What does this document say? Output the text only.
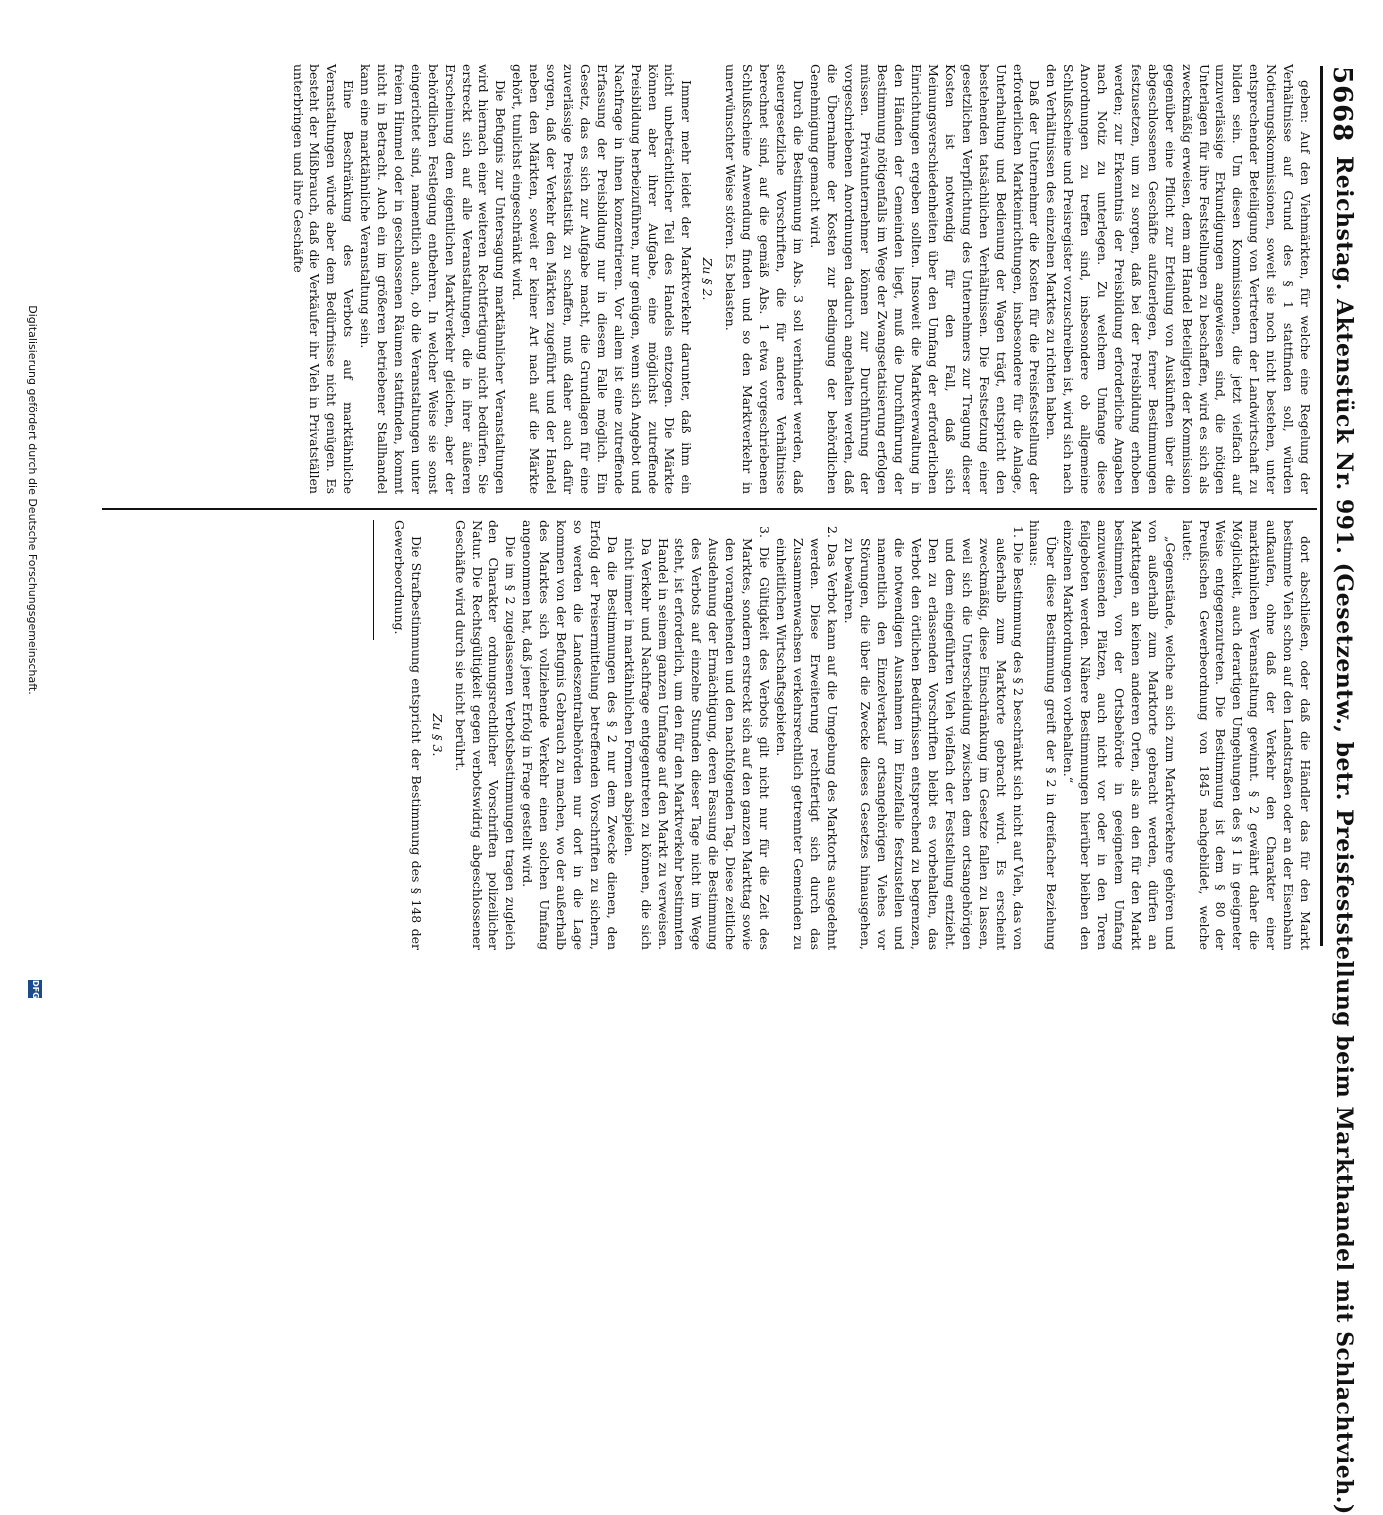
5668
Reichstag. Aktenstück Nr. 991. (Gesetzentw., betr. Preisfeststellung beim Markthandel mit Schlachtvieh.)

geben: Auf den Viehmärkten, für welche eine Regelung der Verhältnisse auf Grund des § 1 stattfinden soll, würden Notierungskommissionen, soweit sie noch nicht bestehen, unter entsprechender Beteiligung von Vertretern der Landwirtschaft zu bilden sein. Um diesen Kommissionen, die jetzt vielfach auf unzuverlässige Erkundigungen angewiesen sind, die nötigen Unterlagen für ihre Feststellungen zu beschaffen, wird es sich als zweckmäßig erweisen, dem am Handel Beteiligten der Kommission gegenüber eine Pflicht zur Erteilung von Auskünften über die abgeschlossenen Geschäfte aufzuerlegen, ferner Bestimmungen festzusetzen, um zu sorgen, daß bei der Preisbildung erhoben werden; zur Erkenntnis der Preisbildung erforderliche Angaben nach Notiz zu unterlegen. Zu welchem Umfange diese Anordnungen zu treffen sind, insbesondere ob allgemeine Schlußscheine und Preisregister vorzuschreiben ist, wird sich nach den Verhältnissen des einzelnen Marktes zu richten haben.

Daß der Unternehmer die Kosten für die Preisfeststellung der erforderlichen Markteinrichtungen, insbesondere für die Anlage, Unterhaltung und Bedienung der Wagen trägt, entspricht den bestehenden tatsächlichen Verhältnissen. Die Festsetzung einer gesetzlichen Verpflichtung des Unternehmers zur Tragung dieser Kosten ist notwendig für den Fall, daß sich Meinungsverschiedenheiten über den Umfang der erforderlichen Einrichtungen ergeben sollten. Insoweit die Marktverwaltung in den Händen der Gemeinden liegt, muß die Durchführung der Bestimmung nötigenfalls im Wege der Zwangsetatisierung erfolgen müssen. Privatunternehmer können zur Durchführung der vorgeschriebenen Anordnungen dadurch angehalten werden, daß die Übernahme der Kosten zur Bedingung der behördlichen Genehmigung gemacht wird.

Durch die Bestimmung im Abs. 3 soll verhindert werden, daß steuergesetzliche Vorschriften, die für andere Verhältnisse berechnet sind, auf die gemäß Abs. 1 etwa vorgeschriebenen Schlußscheine Anwendung finden und so den Marktverkehr in unerwünschter Weise stören. Es belasten.

Zu § 2.

Immer mehr leidet der Marktverkehr darunter, daß ihm ein nicht unbeträchtlicher Teil des Handels entzogen. Die Märkte können aber ihrer Aufgabe, eine möglichst zutreffende Preisbildung herbeizuführen, nur genügen, wenn sich Angebot und Nachfrage in ihnen konzentrieren. Vor allem ist eine zutreffende Erfassung der Preisbildung nur in diesem Falle möglich. Ein Gesetz, das es sich zur Aufgabe macht, die Grundlagen für eine zuverlässige Preisstatistik zu schaffen, muß daher auch dafür sorgen, daß der Verkehr den Märkten zugeführt und der Handel neben den Märkten, soweit er keiner Art nach auf die Märkte gehört, tunlichst eingeschränkt wird.

Die Befugnis zur Untersagung marktähnlicher Veranstaltungen wird hiernach einer weiteren Rechtfertigung nicht bedürfen. Sie erstreckt sich auf alle Veranstaltungen, die in ihrer äußeren Erscheinung dem eigentlichen Marktverkehr gleichen, aber der behördlichen Festlegung entbehren. In welcher Weise sie sonst eingerichtet sind, namentlich auch, ob die Veranstaltungen unter freiem Himmel oder in geschlossenen Räumen stattfinden, kommt nicht in Betracht. Auch ein im größeren betriebener Stallhandel kann eine marktähnliche Veranstaltung sein.

Eine Beschränkung des Verbots auf marktähnliche Veranstaltungen würde aber dem Bedürfnisse nicht genügen. Es besteht der Mißbrauch, daß die Verkäufer ihr Vieh in Privatställen unterbringen und ihre Geschäfte

dort abschließen, oder daß die Händler das für den Markt bestimmte Vieh schon auf den Landstraßen oder an der Eisenbahn aufkaufen, ohne daß der Verkehr den Charakter einer marktähnlichen Veranstaltung gewinnt. § 2 gewährt daher die Möglichkeit, auch derartigen Umgehungen des § 1 in geeigneter Weise entgegenzutreten. Die Bestimmung ist dem § 80 der Preußischen Gewerbeordnung von 1845 nachgebildet, welche lautet:

„Gegenstände, welche an sich zum Marktverkehre gehören und von außerhalb zum Marktorte gebracht werden, dürfen an Markttagen an keinen anderen Orten, als an den für den Markt bestimmten, von der Ortsbehörde in geeignetem Umfang anzuweisenden Plätzen, auch nicht vor oder in den Toren feilgeboten werden. Nähere Bestimmungen hierüber bleiben den einzelnen Marktordnungen vorbehalten.“

Über diese Bestimmung greift der § 2 in dreifacher Beziehung hinaus:

1. Die Bestimmung des § 2 beschränkt sich nicht auf Vieh, das von außerhalb zum Marktorte gebracht wird. Es erscheint zweckmäßig, diese Einschränkung im Gesetze fallen zu lassen, weil sich die Unterscheidung zwischen dem ortsangehörigen und dem eingeführten Vieh vielfach der Feststellung entzieht. Den zu erlassenden Vorschriften bleibt es vorbehalten, das Verbot den örtlichen Bedürfnissen entsprechend zu begrenzen, die notwendigen Ausnahmen im Einzelfalle festzustellen und namentlich den Einzelverkauf ortsangehörigen Viehes vor Störungen, die über die Zwecke dieses Gesetzes hinausgehen, zu bewahren.

2. Das Verbot kann auf die Umgebung des Marktorts ausgedehnt werden. Diese Erweiterung rechtfertigt sich durch das Zusammenwachsen verkehrsrechtlich getrennter Gemeinden zu einheitlichen Wirtschaftsgebieten.

3. Die Gültigkeit des Verbots gilt nicht nur für die Zeit des Marktes, sondern erstreckt sich auf den ganzen Markttag sowie den vorangehenden und den nachfolgenden Tag. Diese zeitliche Ausdehnung der Ermächtigung, deren Fassung die Bestimmung des Verbots auf einzelne Stunden dieser Tage nicht im Wege steht, ist erforderlich, um den für den Marktverkehr bestimmten Handel in seinem ganzen Umfange auf den Markt zu verweisen. Da Verkehr und Nachfrage entgegentreten zu können, die sich nicht immer in marktähnlichen Formen abspielen.

Da die Bestimmungen des § 2 nur dem Zwecke dienen, den Erfolg der Preisermittelung betreffenden Vorschriften zu sichern, so werden die Landeszentralbehörden nur dort in die Lage kommen von der Befugnis Gebrauch zu machen, wo der außerhalb des Marktes sich vollziehende Verkehr einen solchen Umfang angenommen hat, daß jener Erfolg in Frage gestellt wird.

Die im § 2 zugelassenen Verbotsbestimmungen tragen zugleich den Charakter ordnungsrechtlicher Vorschriften polizeilicher Natur. Die Rechtsgültigkeit gegen verbotswidrig abgeschlossener Geschäfte wird durch sie nicht berührt.

Zu § 3.

Die Strafbestimmung entspricht der Bestimmung des § 148 der Gewerbeordnung.

Digitalisierung gefördert durch die Deutsche Forschungsgemeinschaft.
DFG
